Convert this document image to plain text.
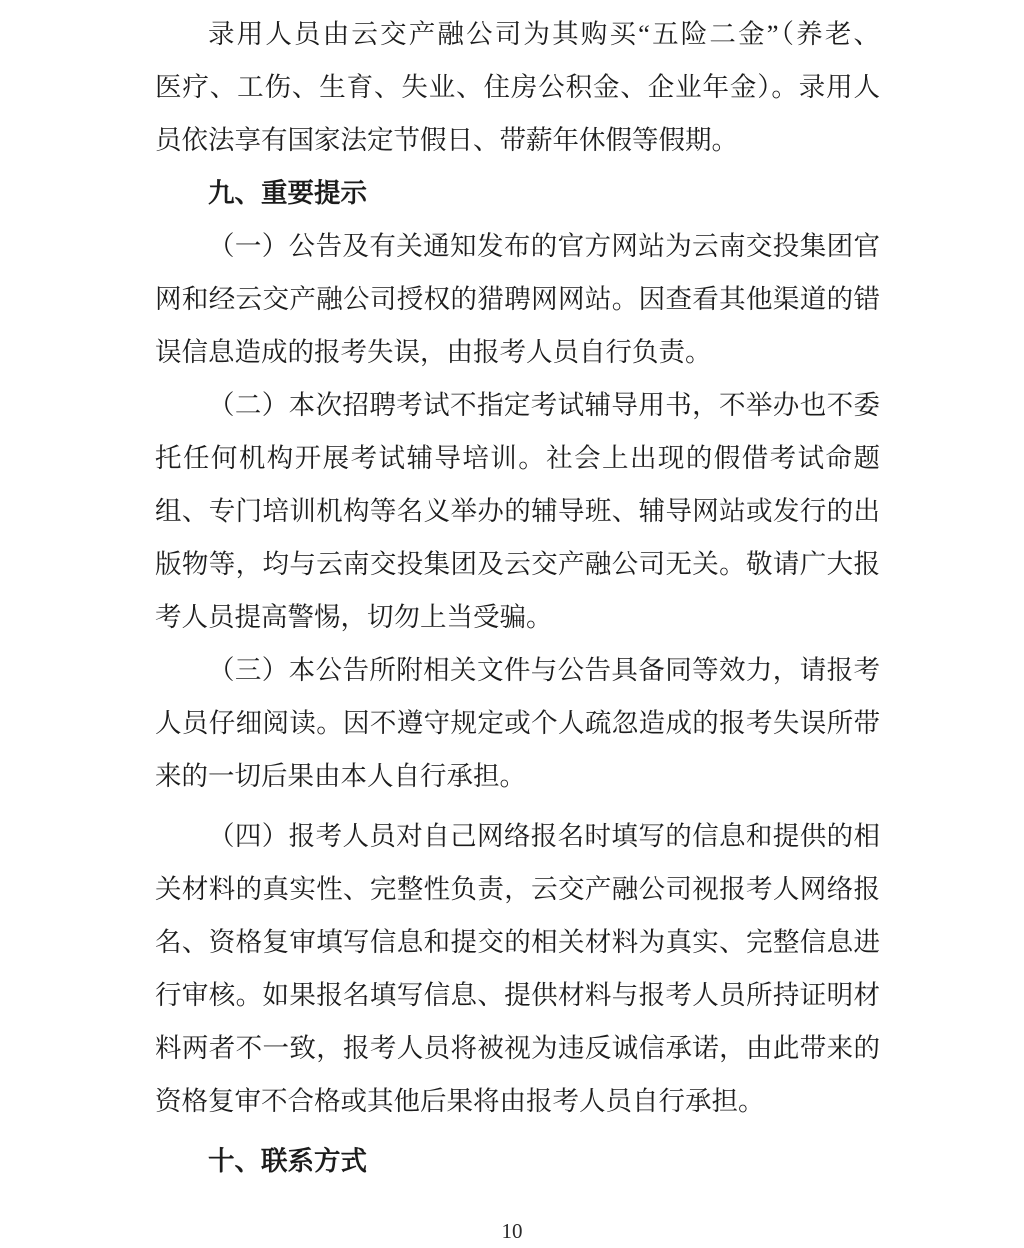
录用人员由云交产融公司为其购买“五险二金”（养老、
医疗、工伤、生育、失业、住房公积金、企业年金）。录用人
员依法享有国家法定节假日、带薪年休假等假期。
九、重要提示
（一）公告及有关通知发布的官方网站为云南交投集团官
网和经云交产融公司授权的猎聘网网站。因查看其他渠道的错
误信息造成的报考失误，由报考人员自行负责。
（二）本次招聘考试不指定考试辅导用书，不举办也不委
托任何机构开展考试辅导培训。社会上出现的假借考试命题
组、专门培训机构等名义举办的辅导班、辅导网站或发行的出
版物等，均与云南交投集团及云交产融公司无关。敬请广大报
考人员提高警惕，切勿上当受骗。
（三）本公告所附相关文件与公告具备同等效力，请报考
人员仔细阅读。因不遵守规定或个人疏忽造成的报考失误所带
来的一切后果由本人自行承担。
（四）报考人员对自己网络报名时填写的信息和提供的相
关材料的真实性、完整性负责，云交产融公司视报考人网络报
名、资格复审填写信息和提交的相关材料为真实、完整信息进
行审核。如果报名填写信息、提供材料与报考人员所持证明材
料两者不一致，报考人员将被视为违反诚信承诺，由此带来的
资格复审不合格或其他后果将由报考人员自行承担。
十、联系方式
10
